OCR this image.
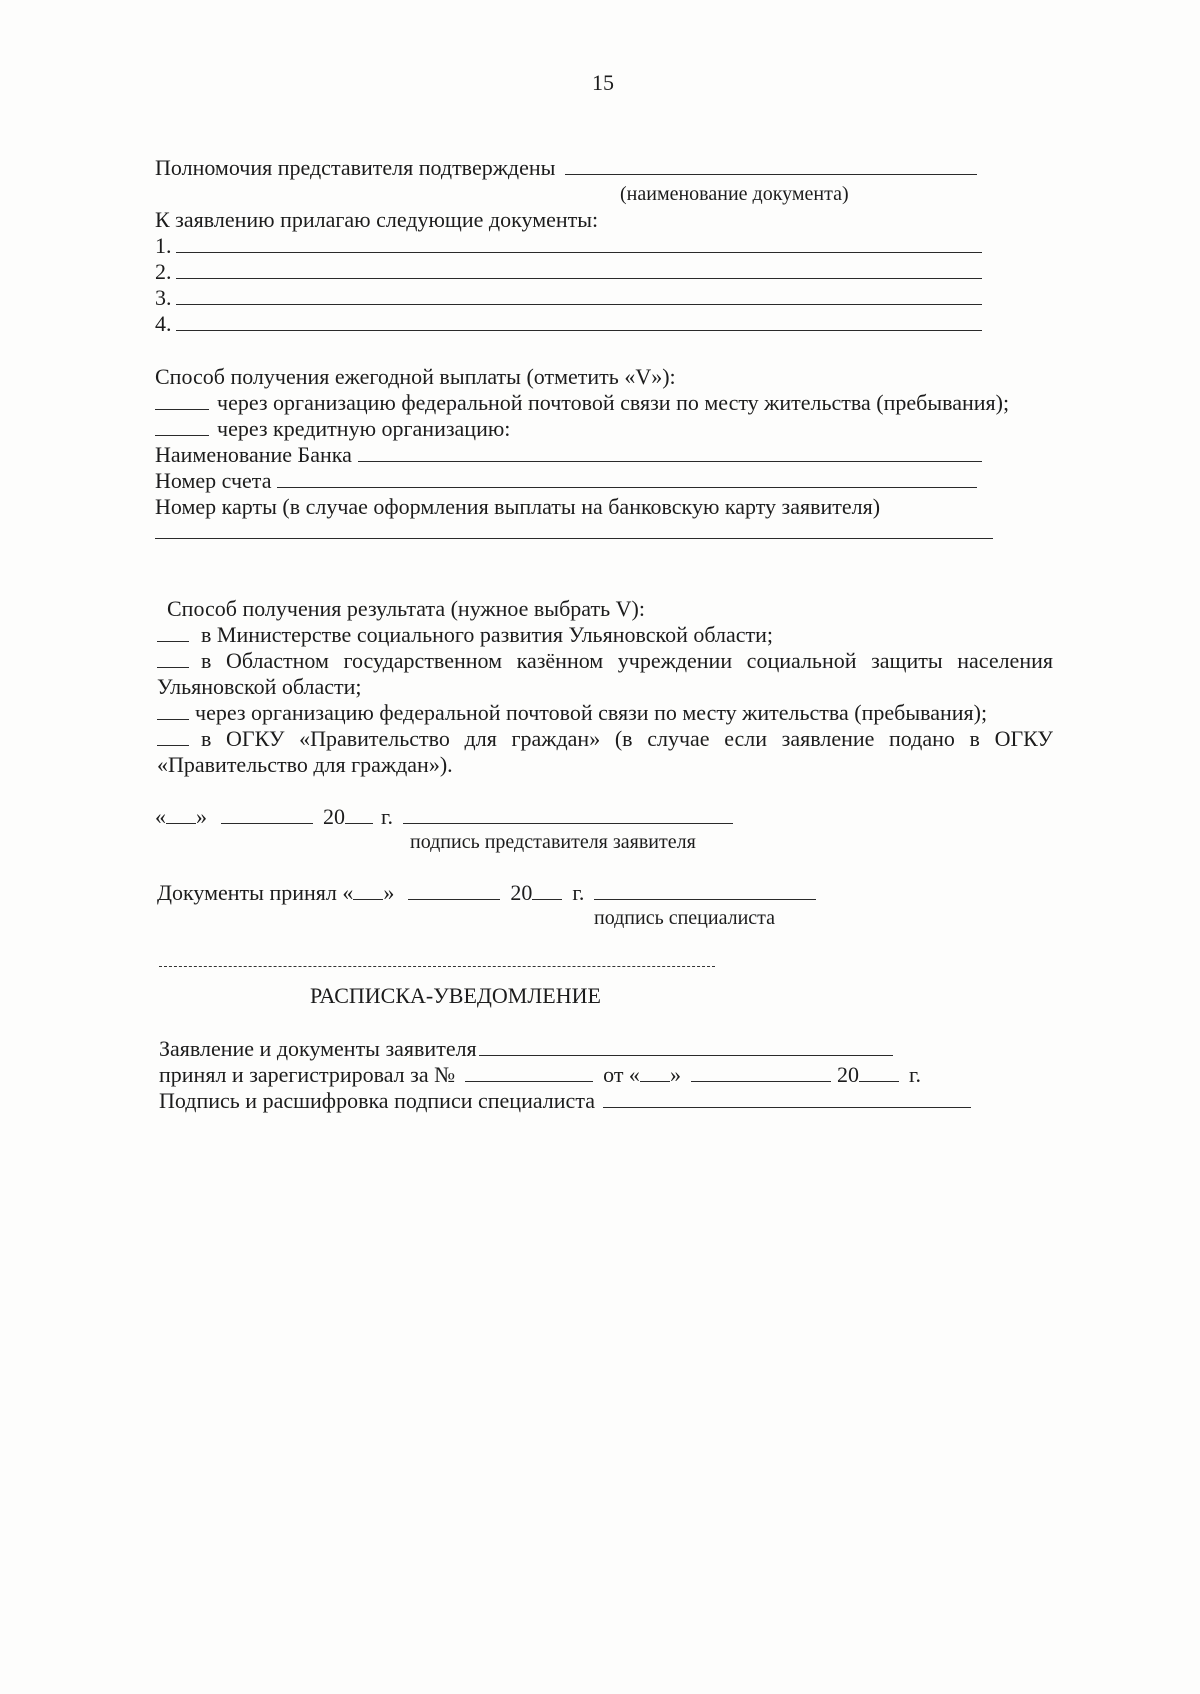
15
Полномочия представителя подтверждены
(наименование документа)
К заявлению прилагаю следующие документы:
1.
2.
3.
4.
Способ получения ежегодной выплаты (отметить «V»):
через организацию федеральной почтовой связи по месту жительства (пребывания);
через кредитную организацию:
Наименование Банка
Номер счета
Номер карты (в случае оформления выплаты на банковскую карту заявителя)
Способ получения результата (нужное выбрать V):
в Министерстве социального развития Ульяновской области;
в Областном государственном казённом учреждении социальной защиты населения
Ульяновской области;
через организацию федеральной почтовой связи по месту жительства (пребывания);
в ОГКУ «Правительство для граждан» (в случае если заявление подано в ОГКУ
«Правительство для граждан»).
« »	20 г.
подпись представителя заявителя
Документы принял « »	20 г.
подпись специалиста
РАСПИСКА-УВЕДОМЛЕНИЕ
Заявление и документы заявителя
принял и зарегистрировал за №	от « »	20 г.
Подпись и расшифровка подписи специалиста
